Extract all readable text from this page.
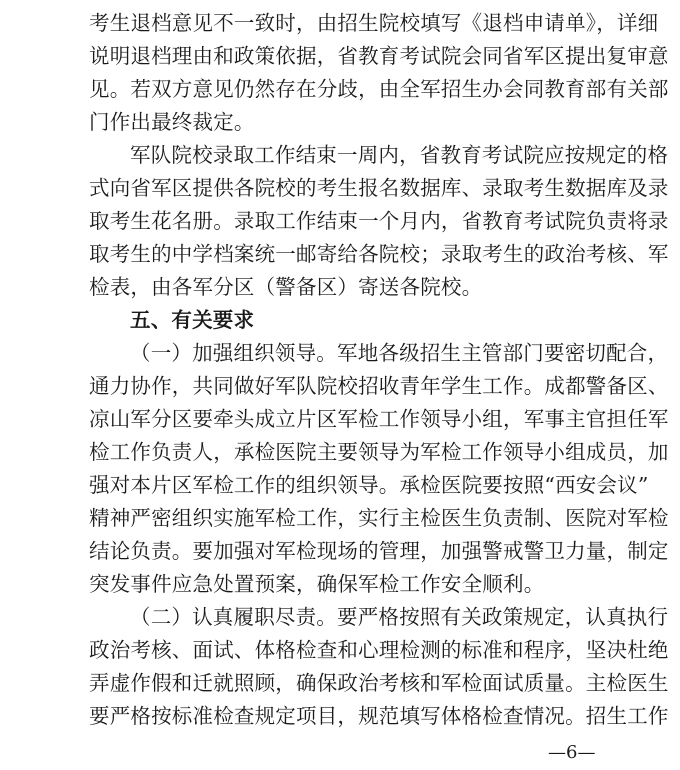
考生退档意见不一致时，由招生院校填写《退档申请单》，详细
说明退档理由和政策依据，省教育考试院会同省军区提出复审意
见。若双方意见仍然存在分歧，由全军招生办会同教育部有关部
门作出最终裁定。
军队院校录取工作结束一周内，省教育考试院应按规定的格
式向省军区提供各院校的考生报名数据库、录取考生数据库及录
取考生花名册。录取工作结束一个月内，省教育考试院负责将录
取考生的中学档案统一邮寄给各院校；录取考生的政治考核、军
检表，由各军分区（警备区）寄送各院校。
五、有关要求
（一）加强组织领导。军地各级招生主管部门要密切配合，
通力协作，共同做好军队院校招收青年学生工作。成都警备区、
凉山军分区要牵头成立片区军检工作领导小组，军事主官担任军
检工作负责人，承检医院主要领导为军检工作领导小组成员，加
强对本片区军检工作的组织领导。承检医院要按照“西安会议”
精神严密组织实施军检工作，实行主检医生负责制、医院对军检
结论负责。要加强对军检现场的管理，加强警戒警卫力量，制定
突发事件应急处置预案，确保军检工作安全顺利。
（二）认真履职尽责。要严格按照有关政策规定，认真执行
政治考核、面试、体格检查和心理检测的标准和程序，坚决杜绝
弄虚作假和迁就照顾，确保政治考核和军检面试质量。主检医生
要严格按标准检查规定项目，规范填写体格检查情况。招生工作
—6—
